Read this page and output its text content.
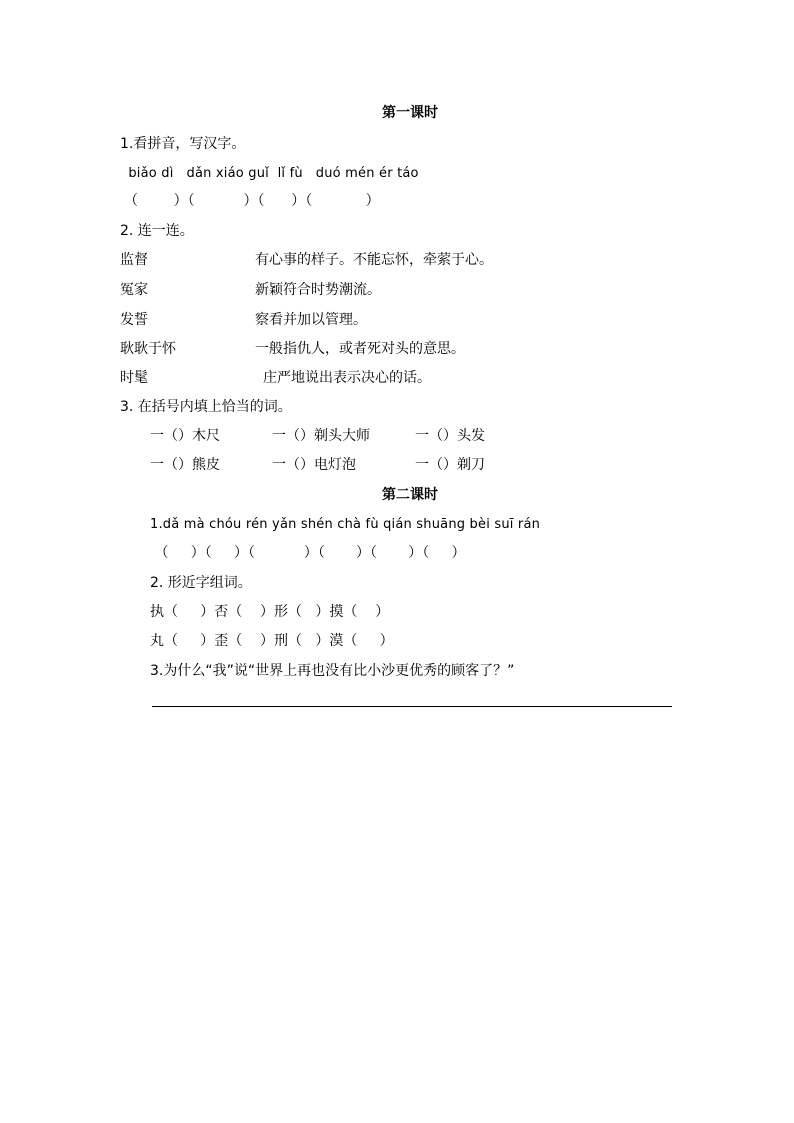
第一课时
1.看拼音，写汉字。
biǎo dì   dǎn xiáo guǐ  lǐ fù   duó mén ér táo
（        ）（           ）（      ）（            ）
2. 连一连。
监督	有心事的样子。不能忘怀，牵萦于心。
冤家	新颖符合时势潮流。
发誓	察看并加以管理。
耿耿于怀	一般指仇人，或者死对头的意思。
时髦	庄严地说出表示决心的话。
3. 在括号内填上恰当的词。
一（）木尺	一（）剃头大师	一（）头发
一（）熊皮	一（）电灯泡	一（）剃刀
第二课时
1.dǎ mà chóu rén yǎn shén chà fù qián shuāng bèi suī rán
（     ）（     ）（           ）（       ）（       ）（     ）
2. 形近字组词。
执（     ）否（    ）形（   ）摸（    ）
丸（     ）歪（    ）刑（   ）漠（     ）
3.为什么“我”说“世界上再也没有比小沙更优秀的顾客了？”
